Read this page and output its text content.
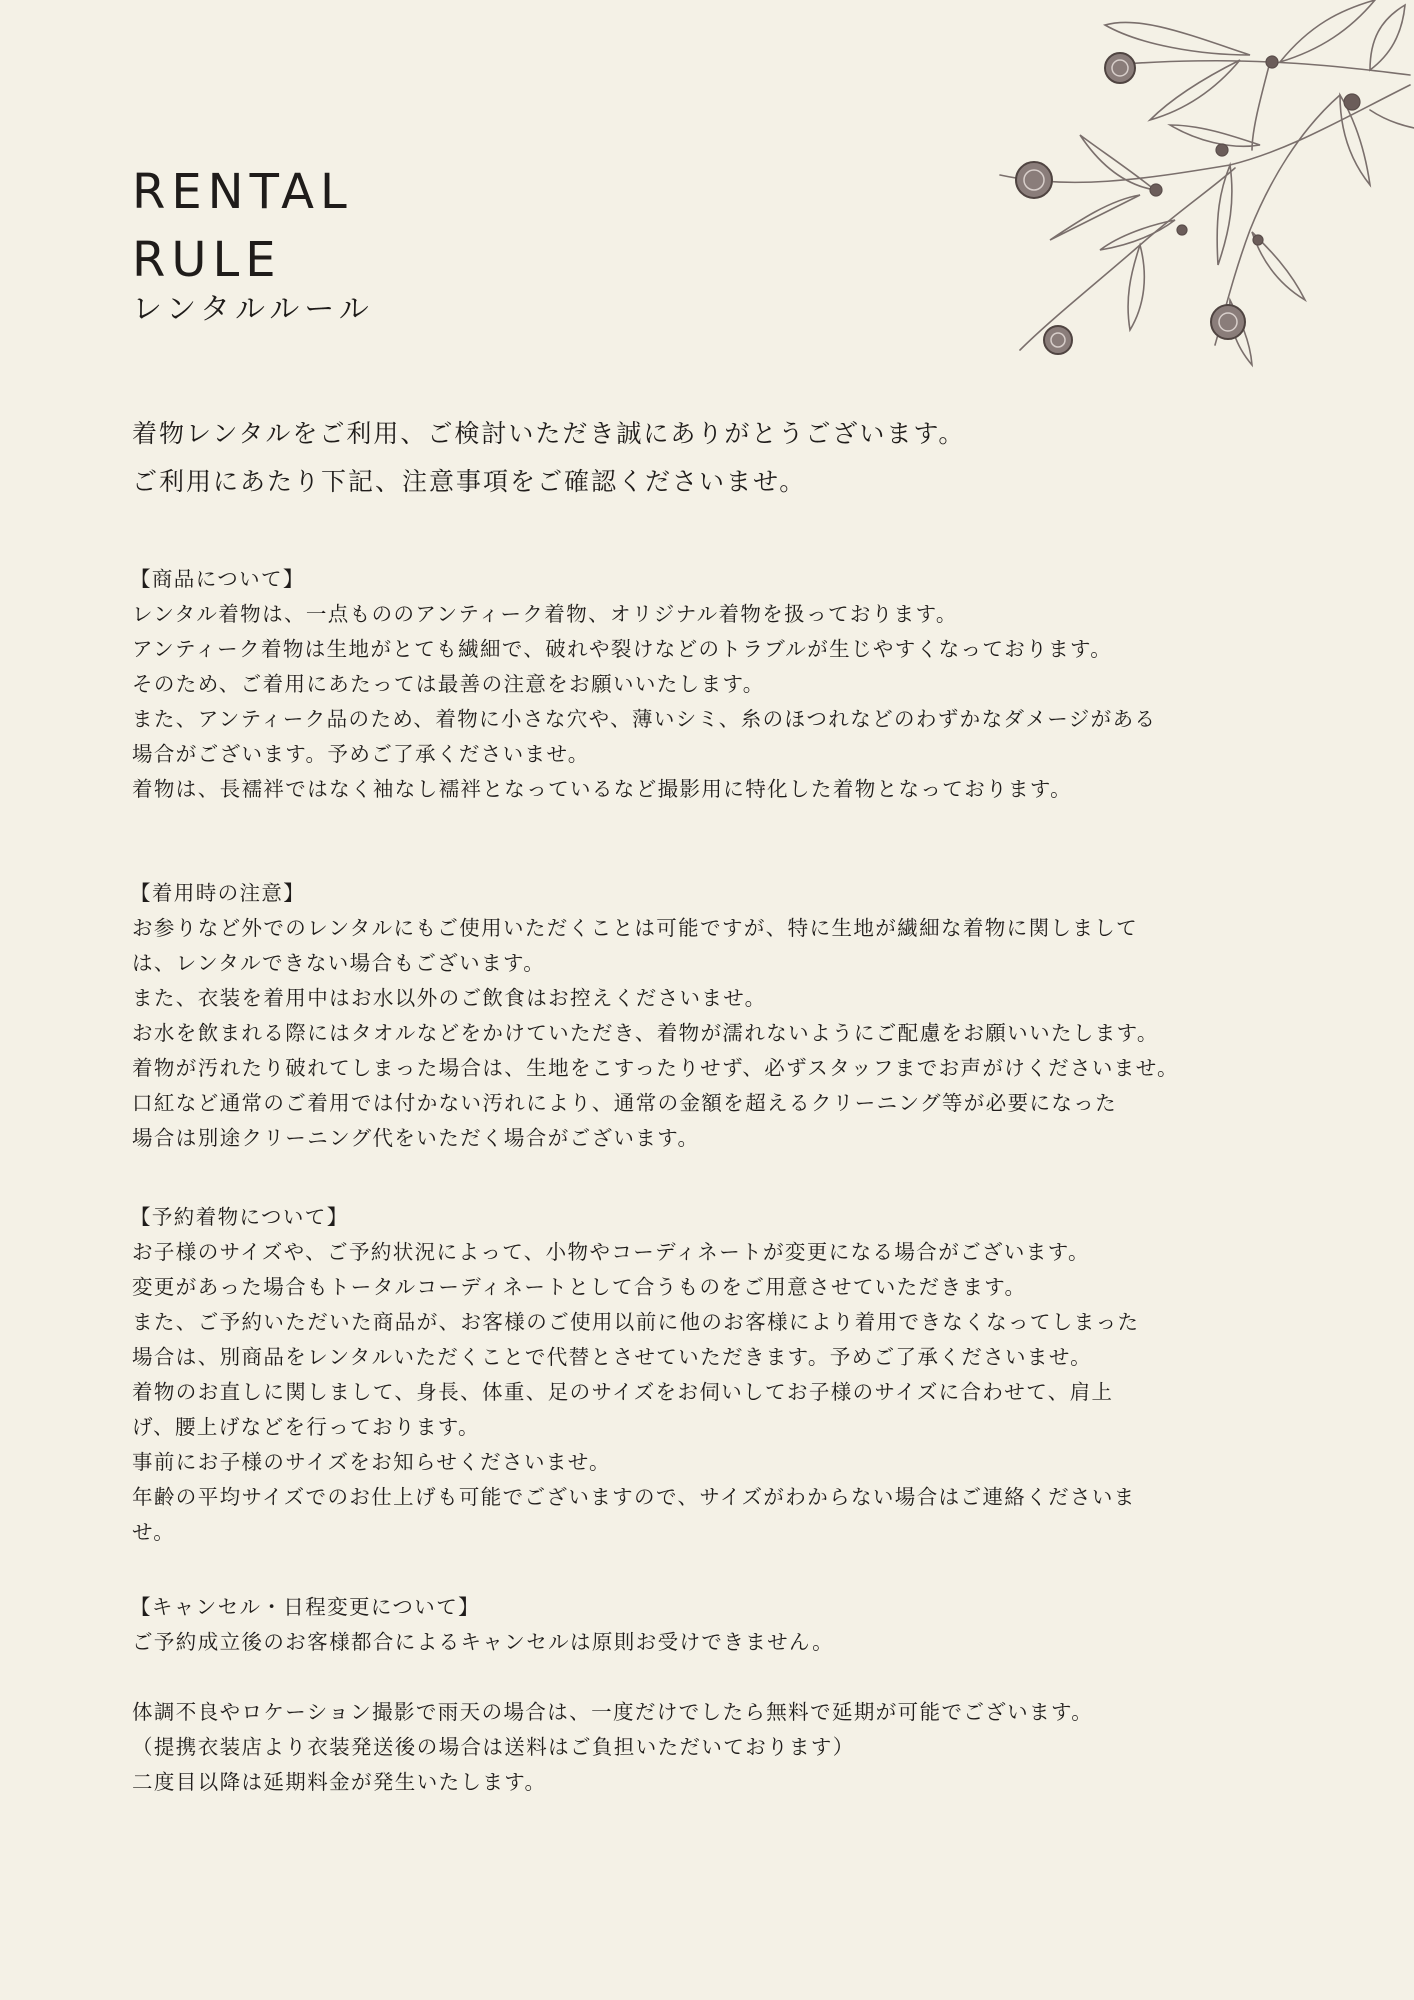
RENTAL
RULE
レンタルルール

着物レンタルをご利用、ご検討いただき誠にありがとうございます。

ご利用にあたり下記、注意事項をご確認くださいませ。

【商品について】

レンタル着物は、一点もののアンティーク着物、オリジナル着物を扱っております。

アンティーク着物は生地がとても繊細で、破れや裂けなどのトラブルが生じやすくなっております。

そのため、ご着用にあたっては最善の注意をお願いいたします。

また、アンティーク品のため、着物に小さな穴や、薄いシミ、糸のほつれなどのわずかなダメージがある

場合がございます。予めご了承くださいませ。

着物は、長襦袢ではなく袖なし襦袢となっているなど撮影用に特化した着物となっております。

【着用時の注意】

お参りなど外でのレンタルにもご使用いただくことは可能ですが、特に生地が繊細な着物に関しまして

は、レンタルできない場合もございます。

また、衣装を着用中はお水以外のご飲食はお控えくださいませ。

お水を飲まれる際にはタオルなどをかけていただき、着物が濡れないようにご配慮をお願いいたします。

着物が汚れたり破れてしまった場合は、生地をこすったりせず、必ずスタッフまでお声がけくださいませ。

口紅など通常のご着用では付かない汚れにより、通常の金額を超えるクリーニング等が必要になった

場合は別途クリーニング代をいただく場合がございます。

【予約着物について】

お子様のサイズや、ご予約状況によって、小物やコーディネートが変更になる場合がございます。

変更があった場合もトータルコーディネートとして合うものをご用意させていただきます。

また、ご予約いただいた商品が、お客様のご使用以前に他のお客様により着用できなくなってしまった

場合は、別商品をレンタルいただくことで代替とさせていただきます。予めご了承くださいませ。

着物のお直しに関しまして、身長、体重、足のサイズをお伺いしてお子様のサイズに合わせて、肩上

げ、腰上げなどを行っております。

事前にお子様のサイズをお知らせくださいませ。

年齢の平均サイズでのお仕上げも可能でございますので、サイズがわからない場合はご連絡くださいま

せ。

【キャンセル・日程変更について】

ご予約成立後のお客様都合によるキャンセルは原則お受けできません。

体調不良やロケーション撮影で雨天の場合は、一度だけでしたら無料で延期が可能でございます。

（提携衣装店より衣装発送後の場合は送料はご負担いただいております）

二度目以降は延期料金が発生いたします。
